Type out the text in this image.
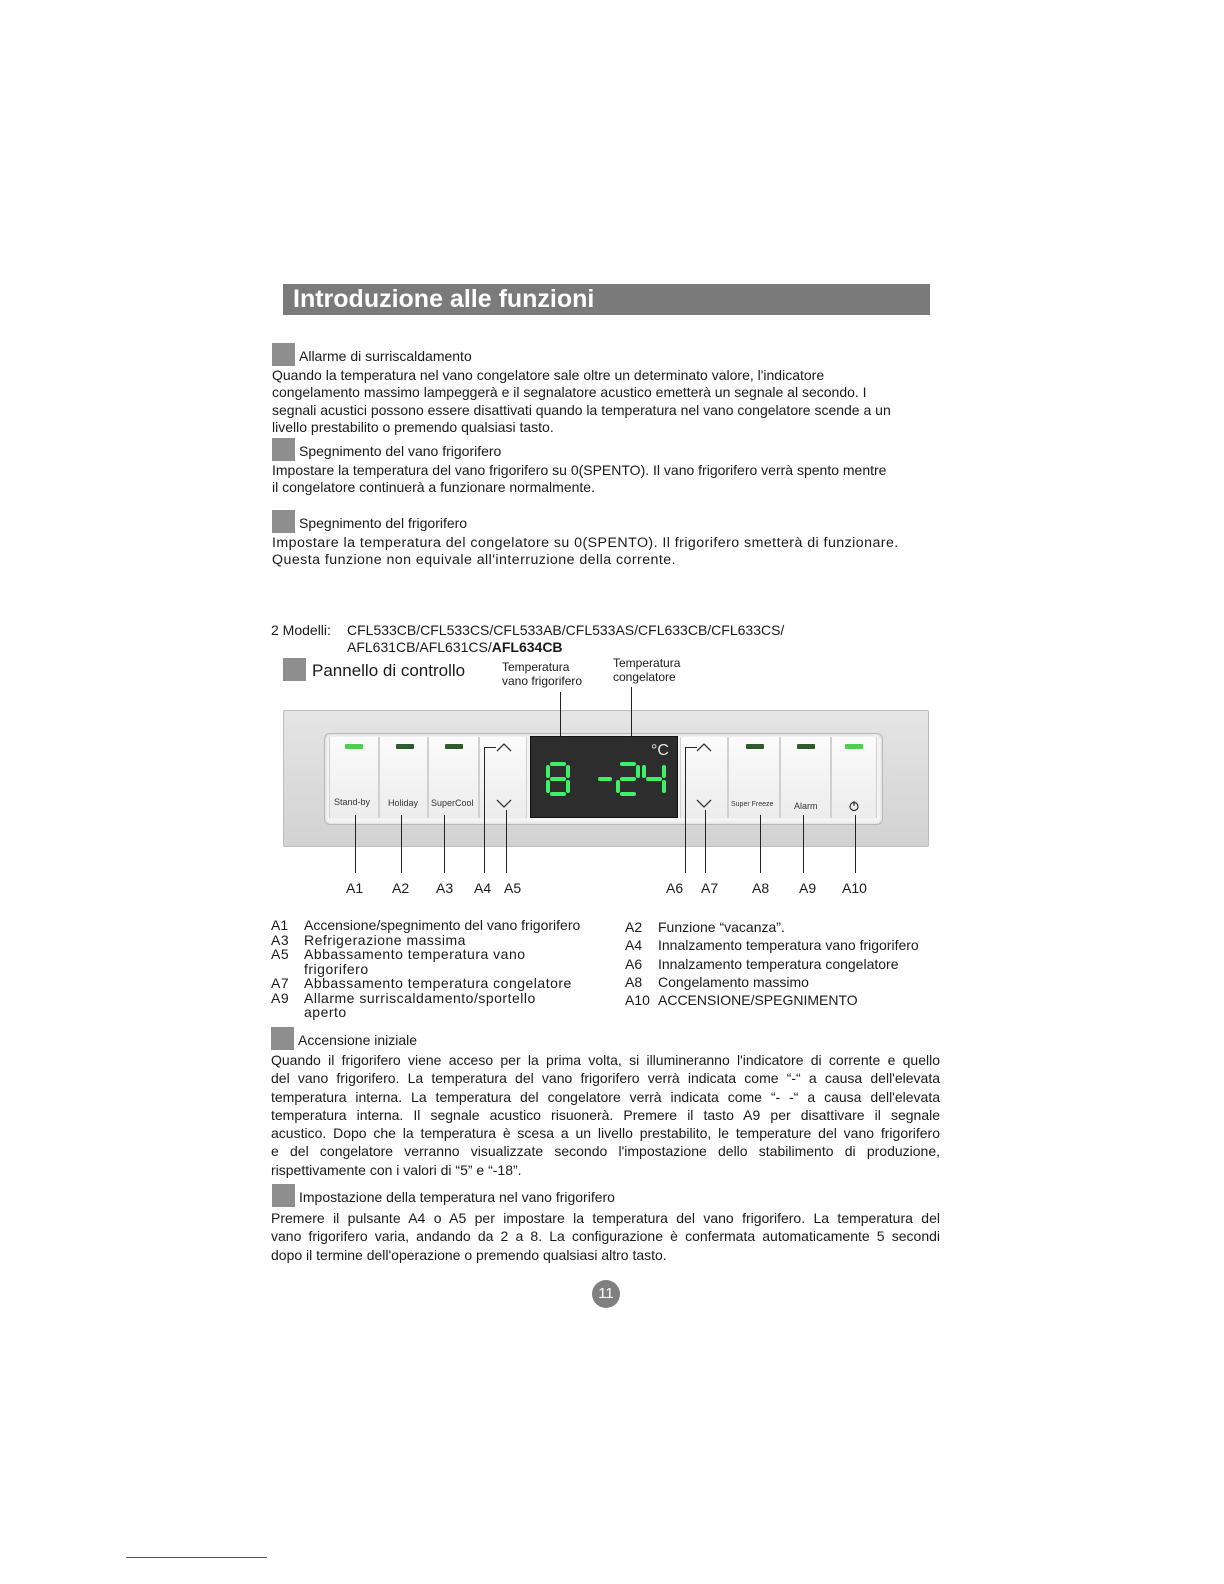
Introduzione alle funzioni
Allarme di surriscaldamento
Quando la temperatura nel vano congelatore sale oltre un determinato valore, l'indicatore
congelamento massimo lampeggerà e il segnalatore acustico emetterà un segnale al secondo. I
segnali acustici possono essere disattivati quando la temperatura nel vano congelatore scende a un
livello prestabilito o premendo qualsiasi tasto.
Spegnimento del vano frigorifero
Impostare la temperatura del vano frigorifero su 0(SPENTO). Il vano frigorifero verrà spento mentre
il congelatore continuerà a funzionare normalmente.
Spegnimento del frigorifero
Impostare la temperatura del congelatore su 0(SPENTO). Il frigorifero smetterà di funzionare.
Questa funzione non equivale all'interruzione della corrente.
2 Modelli: CFL533CB/CFL533CS/CFL533AB/CFL533AS/CFL633CB/CFL633CS/
AFL631CB/AFL631CS/AFL634CB
Pannello di controllo	Temperatura
vano frigorifero
Temperatura
congelatore
Stand-by Holiday SuperCool	Super Freeze Alarm
°C
A1 A2 A3 A4 A5	A6 A7 A8 A9 A10
A1 Accensione/spegnimento del vano frigorifero
A3 Refrigerazione massima
A5 Abbassamento temperatura vano
frigorifero
A7 Abbassamento temperatura congelatore
A9 Allarme surriscaldamento/sportello
aperto
A2 Funzione “vacanza”.
A4 Innalzamento temperatura vano frigorifero
A6 Innalzamento temperatura congelatore
A8 Congelamento massimo
A10 ACCENSIONE/SPEGNIMENTO
Accensione iniziale
Quando il frigorifero viene acceso per la prima volta, si illumineranno l'indicatore di corrente e quello
del vano frigorifero. La temperatura del vano frigorifero verrà indicata come “-“ a causa dell'elevata
temperatura interna. La temperatura del congelatore verrà indicata come “- -“ a causa dell'elevata
temperatura interna. Il segnale acustico risuonerà. Premere il tasto A9 per disattivare il segnale
acustico. Dopo che la temperatura è scesa a un livello prestabilito, le temperature del vano frigorifero
e del congelatore verranno visualizzate secondo l'impostazione dello stabilimento di produzione,
rispettivamente con i valori di “5” e “-18”.
Impostazione della temperatura nel vano frigorifero
Premere il pulsante A4 o A5 per impostare la temperatura del vano frigorifero. La temperatura del
vano frigorifero varia, andando da 2 a 8. La configurazione è confermata automaticamente 5 secondi
dopo il termine dell'operazione o premendo qualsiasi altro tasto.
11
